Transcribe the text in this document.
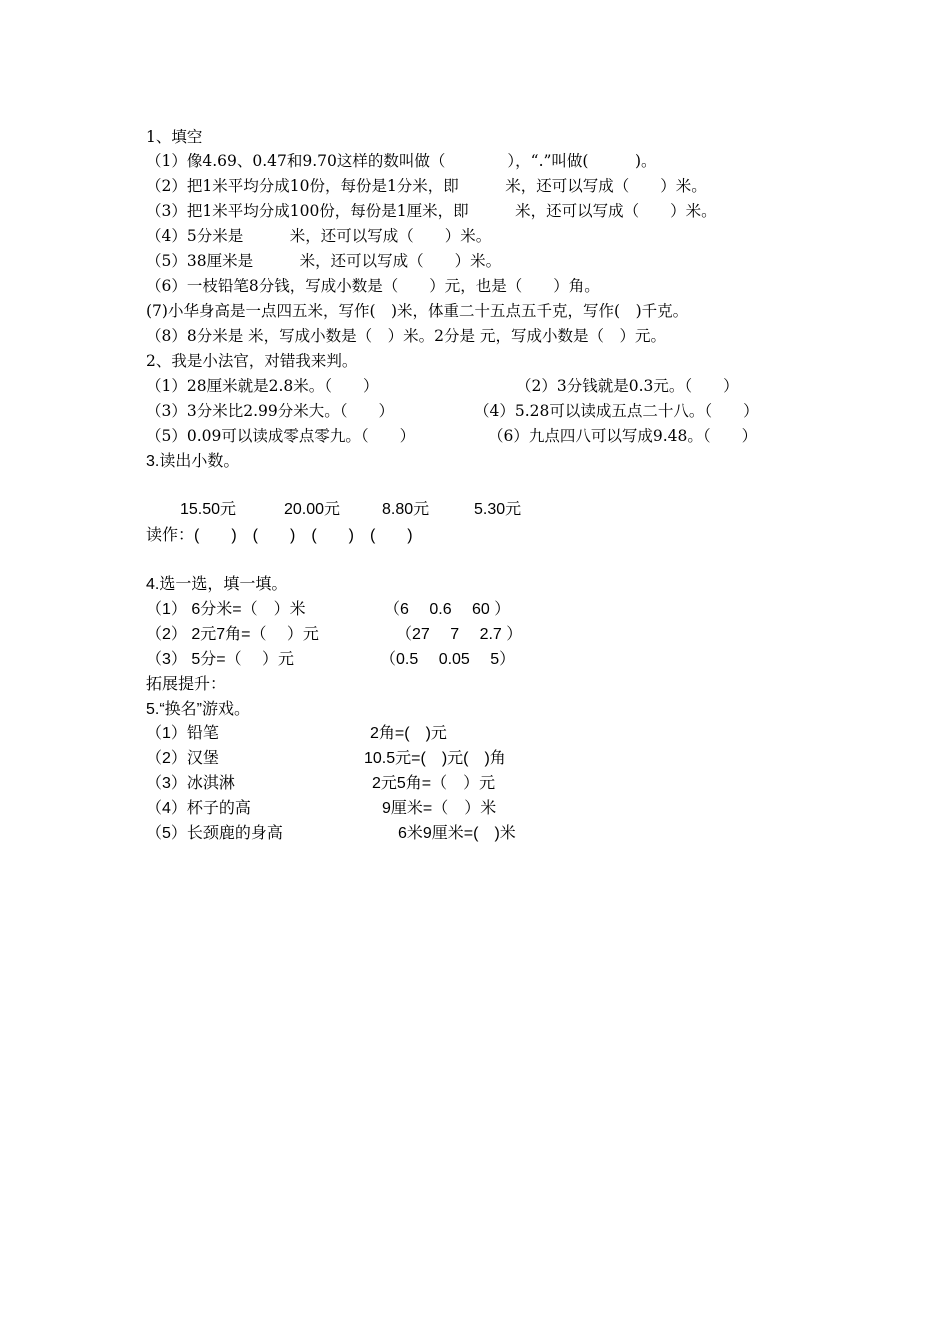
1、填空
（1）像4.69、0.47和9.70这样的数叫做（　　　　），“.”叫做(　　　)。
（2）把1米平均分成10份，每份是1分米，即　　　米，还可以写成（　　）米。
（3）把1米平均分成100份，每份是1厘米，即　　　米，还可以写成（　　）米。
（4）5分米是　　　米，还可以写成（　　）米。
（5）38厘米是　　　米，还可以写成（　　）米。
（6）一枝铅笔8分钱，写成小数是（　　）元，也是（　　）角。
(7)小华身高是一点四五米，写作(　)米，体重二十五点五千克，写作(　)千克。
（8）8分米是 米，写成小数是（　）米。2分是 元，写成小数是（　）元。
2、我是小法官，对错我来判。
（1）28厘米就是2.8米。（　　）	（2）3分钱就是0.3元。（　　）
（3）3分米比2.99分米大。（　　）	（4）5.28可以读成五点二十八。（　　）
（5）0.09可以读成零点零九。（　　）	（6）九点四八可以写成9.48。（　　）
3.读出小数。
15.50元	20.00元	8.80元	5.30元
读作：(　　)　(　　)　(　　)　(　　)
4.选一选，填一填。
（1） 6分米=（　）米	（6　 0.6　 60 ）
（2） 2元7角=（　 ）元	（27　 7　 2.7 ）
（3） 5分=（　 ）元	（0.5　 0.05　 5）
拓展提升：
5.“换名”游戏。
（1）铅笔	2角=(　)元
（2）汉堡	10.5元=(　)元(　)角
（3）冰淇淋	2元5角=（　）元
（4）杯子的高	9厘米=（　）米
（5）长颈鹿的身高	6米9厘米=(　)米
